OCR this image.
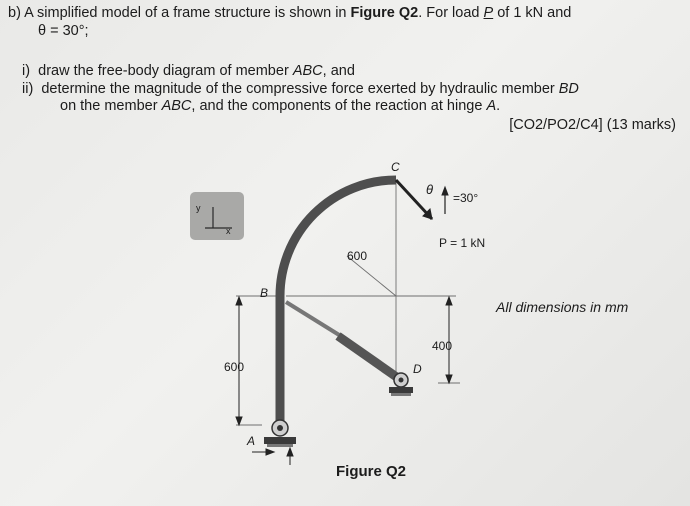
b) A simplified model of a frame structure is shown in Figure Q2. For load P of 1 kN and
θ = 30°;
i) draw the free-body diagram of member ABC, and
ii) determine the magnitude of the compressive force exerted by hydraulic member BD
on the member ABC, and the components of the reaction at hinge A.
[CO2/PO2/C4] (13 marks)
y
x
C
B
D
A
θ
=30°
P = 1 kN
600
600
400
All dimensions in mm
Figure Q2
